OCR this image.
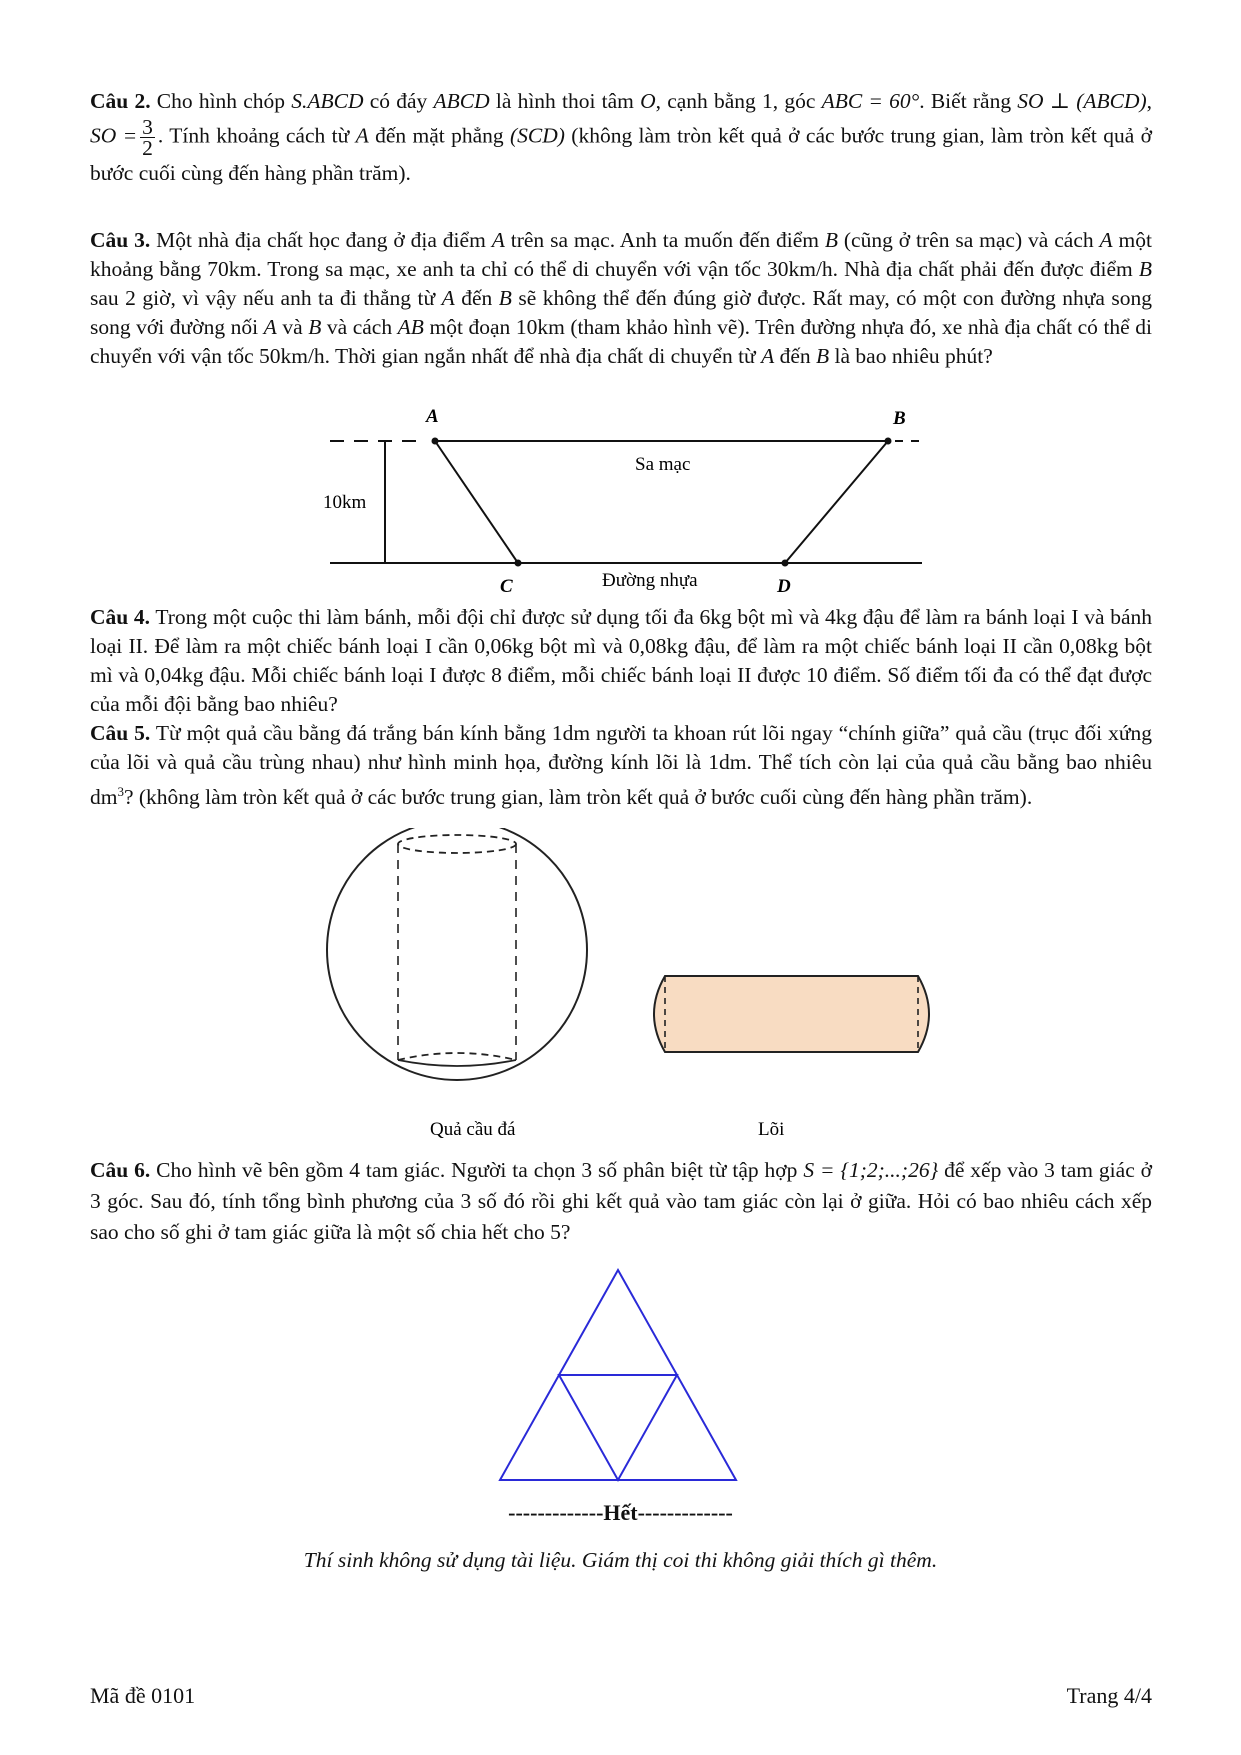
Câu 2. Cho hình chóp S.ABCD có đáy ABCD là hình thoi tâm O, cạnh bằng 1, góc ABC = 60°. Biết rằng SO ⊥ (ABCD), SO = $\frac{3}{2}$ . Tính khoảng cách từ A đến mặt phẳng (SCD) (không làm tròn kết quả ở các bước trung gian, làm tròn kết quả ở bước cuối cùng đến hàng phần trăm).

Câu 3. Một nhà địa chất học đang ở địa điểm A trên sa mạc. Anh ta muốn đến điểm B (cũng ở trên sa mạc) và cách A một khoảng bằng 70km. Trong sa mạc, xe anh ta chỉ có thể di chuyển với vận tốc 30km/h. Nhà địa chất phải đến được điểm B sau 2 giờ, vì vậy nếu anh ta đi thẳng từ A đến B sẽ không thể đến đúng giờ được. Rất may, có một con đường nhựa song song với đường nối A và B và cách AB một đoạn 10km (tham khảo hình vẽ). Trên đường nhựa đó, xe nhà địa chất có thể di chuyển với vận tốc 50km/h. Thời gian ngắn nhất để nhà địa chất di chuyển từ A đến B là bao nhiêu phút?

A	B
C	D
Sa mạc
Đường nhựa
10km

Câu 4. Trong một cuộc thi làm bánh, mỗi đội chỉ được sử dụng tối đa 6kg bột mì và 4kg đậu để làm ra bánh loại I và bánh loại II. Để làm ra một chiếc bánh loại I cần 0,06kg bột mì và 0,08kg đậu, để làm ra một chiếc bánh loại II cần 0,08kg bột mì và 0,04kg đậu. Mỗi chiếc bánh loại I được 8 điểm, mỗi chiếc bánh loại II được 10 điểm. Số điểm tối đa có thể đạt được của mỗi đội bằng bao nhiêu?

Câu 5. Từ một quả cầu bằng đá trắng bán kính bằng 1dm người ta khoan rút lõi ngay “chính giữa” quả cầu (trục đối xứng của lõi và quả cầu trùng nhau) như hình minh họa, đường kính lõi là 1dm. Thể tích còn lại của quả cầu bằng bao nhiêu $dm^3$? (không làm tròn kết quả ở các bước trung gian, làm tròn kết quả ở bước cuối cùng đến hàng phần trăm).

Quả cầu đá	Lõi

Câu 6. Cho hình vẽ bên gồm 4 tam giác. Người ta chọn 3 số phân biệt từ tập hợp S = {1;2;...;26} để xếp vào 3 tam giác ở 3 góc. Sau đó, tính tổng bình phương của 3 số đó rồi ghi kết quả vào tam giác còn lại ở giữa. Hỏi có bao nhiêu cách xếp sao cho số ghi ở tam giác giữa là một số chia hết cho 5?

-------------Hết-------------
Thí sinh không sử dụng tài liệu. Giám thị coi thi không giải thích gì thêm.
Mã đề 0101	Trang 4/4
